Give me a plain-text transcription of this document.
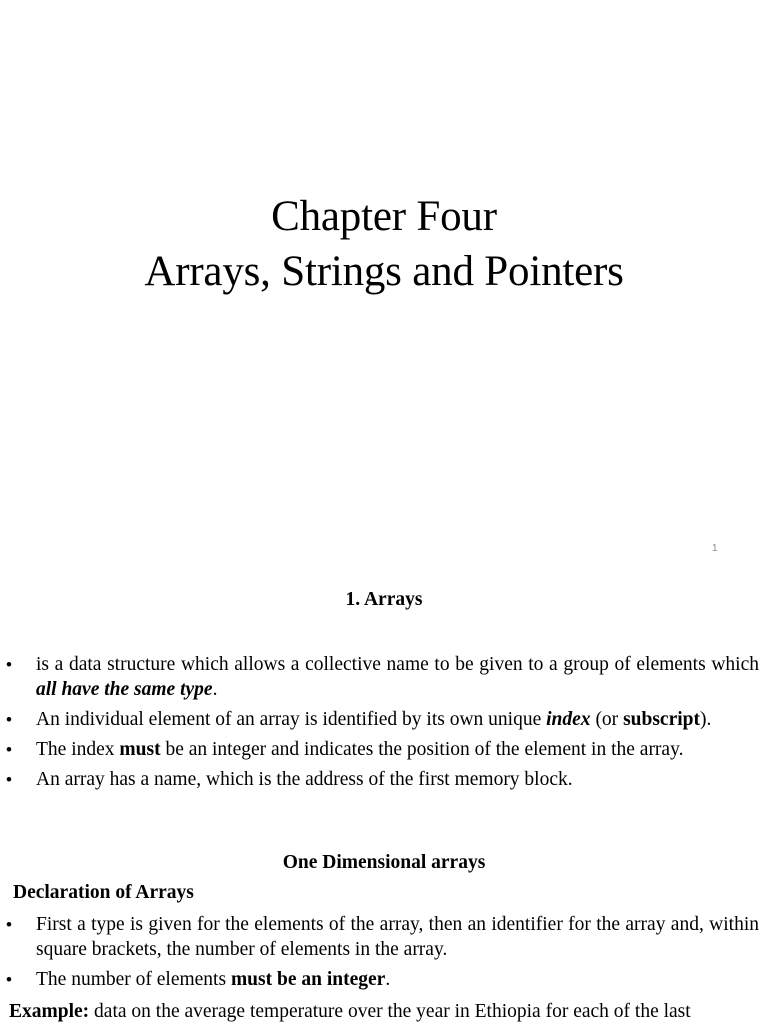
Chapter Four
Arrays, Strings and Pointers
1
1. Arrays
• is a data structure which allows a collective name to be given to a group of elements which all have the same type.
• An individual element of an array is identified by its own unique index (or subscript).
• The index must be an integer and indicates the position of the element in the array.
• An array has a name, which is the address of the first memory block.
One Dimensional arrays
Declaration of Arrays
• First a type is given for the elements of the array, then an identifier for the array and, within square brackets, the number of elements in the array.
• The number of elements must be an integer.
Example: data on the average temperature over the year in Ethiopia for each of the last
